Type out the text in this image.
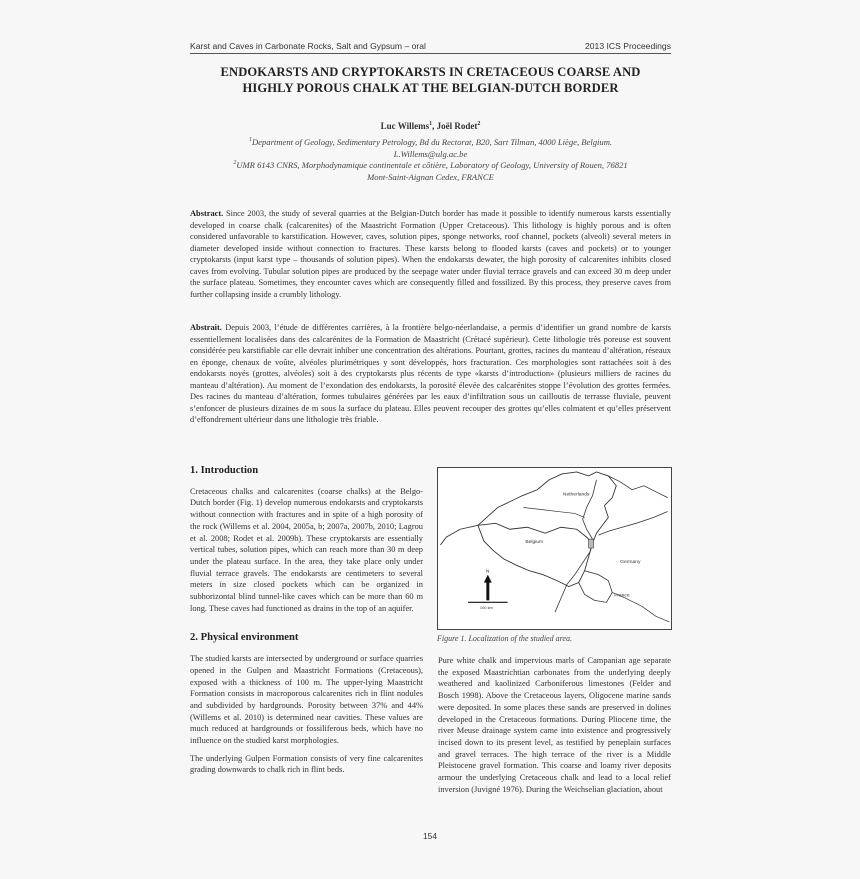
Karst and Caves in Carbonate Rocks, Salt and Gypsum – oral	2013 ICS Proceedings
ENDOKARSTS AND CRYPTOKARSTS IN CRETACEOUS COARSE AND
HIGHLY POROUS CHALK AT THE BELGIAN-DUTCH BORDER
Luc Willems$^1$, Joël Rodet$^2$
$^1$Department of Geology, Sedimentary Petrology, Bd du Rectorat, B20, Sart Tilman, 4000 Liège, Belgium.
L.Willems@ulg.ac.be
$^2$UMR 6143 CNRS, Morphodynamique continentale et côtière, Laboratory of Geology, University of Rouen, 76821
Mont-Saint-Aignan Cedex, FRANCE
Abstract. Since 2003, the study of several quarries at the Belgian-Dutch border has made it possible to identify numerous karsts essentially developed in coarse chalk (calcarenites) of the Maastricht Formation (Upper Cretaceous). This lithology is highly porous and is often considered unfavorable to karstification. However, caves, solution pipes, sponge networks, roof channel, pockets (alveoli) several meters in diameter developed inside without connection to fractures. These karsts belong to flooded karsts (caves and pockets) or to younger cryptokarsts (input karst type – thousands of solution pipes). When the endokarsts dewater, the high porosity of calcarenites inhibits closed caves from evolving. Tubular solution pipes are produced by the seepage water under fluvial terrace gravels and can exceed 30 m deep under the surface plateau. Sometimes, they encounter caves which are consequently filled and fossilized. By this process, they preserve caves from further collapsing inside a crumbly lithology.
Abstrait. Depuis 2003, l’étude de différentes carrières, à la frontière belgo-néerlandaise, a permis d’identifier un grand nombre de karsts essentiellement localisées dans des calcarénites de la Formation de Maastricht (Crétacé supérieur). Cette lithologie très poreuse est souvent considérée peu karstifiable car elle devrait inhiber une concentration des altérations. Pourtant, grottes, racines du manteau d’altération, réseaux en éponge, chenaux de voûte, alvéoles plurimétriques y sont développés, hors fracturation. Ces morphologies sont rattachées soit à des endokarsts noyés (grottes, alvéoles) soit à des cryptokarsts plus récents de type «karsts d’introduction» (plusieurs milliers de racines du manteau d’altération). Au moment de l’exondation des endokarsts, la porosité élevée des calcarénites stoppe l’évolution des grottes fermées. Des racines du manteau d’altération, formes tubulaires générées par les eaux d’infiltration sous un cailloutis de terrasse fluviale, peuvent s’enfoncer de plusieurs dizaines de m sous la surface du plateau. Elles peuvent recouper des grottes qu’elles colmatent et qu’elles préservent d’effondrement ultérieur dans une lithologie très friable.
1. Introduction

Cretaceous chalks and calcarenites (coarse chalks) at the Belgo-Dutch border (Fig. 1) develop numerous endokarsts and cryptokarsts without connection with fractures and in spite of a high porosity of the rock (Willems et al. 2004, 2005a, b; 2007a, 2007b, 2010; Lagrou et al. 2008; Rodet et al. 2009b). These cryptokarsts are essentially vertical tubes, solution pipes, which can reach more than 30 m deep under the plateau surface. In the area, they take place only under fluvial terrace gravels. The endokarsts are centimeters to several meters in size closed pockets which can be organized in subhorizontal blind tunnel-like caves which can be more than 60 m long. These caves had functioned as drains in the top of an aquifer.

2. Physical environment

The studied karsts are intersected by underground or surface quarries opened in the Gulpen and Maastricht Formations (Cretaceous), exposed with a thickness of 100 m. The upper-lying Maastricht Formation consists in macroporous calcarenites rich in flint nodules and subdivided by hardgrounds. Porosity between 37% and 44% (Willems et al. 2010) is determined near cavities. These values are much reduced at hardgrounds or fossiliferous beds, which have no influence on the studied karst morphologies.

The underlying Gulpen Formation consists of very fine calcarenites grading downwards to chalk rich in flint beds.

Netherlands
Belgium
Germany
France
N
100 km
Figure 1. Localization of the studied area.

Pure white chalk and impervious marls of Campanian age separate the exposed Maastrichtian carbonates from the underlying deeply weathered and kaolinized Carboniferous limestones (Felder and Bosch 1998). Above the Cretaceous layers, Oligocene marine sands were deposited. In some places these sands are preserved in dolines developed in the Cretaceous formations. During Pliocene time, the river Meuse drainage system came into existence and progressively incised down to its present level, as testified by peneplain surfaces and gravel terraces. The high terrace of the river is a Middle Pleistocene gravel formation. This coarse and loamy river deposits armour the underlying Cretaceous chalk and lead to a local relief inversion (Juvigné 1976). During the Weichselian glaciation, about

154
